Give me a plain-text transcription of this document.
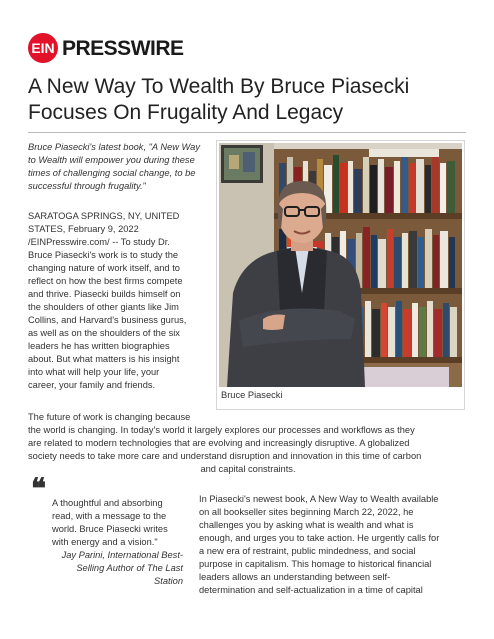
EIN PRESSWIRE
A New Way To Wealth By Bruce Piasecki
Focuses On Frugality And Legacy

Bruce Piasecki's latest book, "A New Way
to Wealth will empower you during these
times of challenging social change, to be
successful through frugality."

SARATOGA SPRINGS, NY, UNITED
STATES, February 9, 2022
/EINPresswire.com/ -- To study Dr.
Bruce Piasecki's work is to study the
changing nature of work itself, and to
reflect on how the best firms compete
and thrive. Piasecki builds himself on
the shoulders of other giants like Jim
Collins, and Harvard's business gurus,
as well as on the shoulders of the six
leaders he has written biographies
about. But what matters is his insight
into what will help your life, your
career, your family and friends.

Bruce Piasecki

The future of work is changing because
the world is changing. In today's world it largely explores our processes and workflows as they
are related to modern technologies that are evolving and increasingly disruptive. A globalized
society needs to take more care and understand disruption and innovation in this time of carbon
and capital constraints.

❝ A thoughtful and absorbing
read, with a message to the
world. Bruce Piasecki writes
with energy and a vision."

Jay Parini, International Best-
Selling Author of The Last
Station

In Piasecki's newest book, A New Way to Wealth available
on all bookseller sites beginning March 22, 2022, he
challenges you by asking what is wealth and what is
enough, and urges you to take action. He urgently calls for
a new era of restraint, public mindedness, and social
purpose in capitalism. This homage to historical financial
leaders allows an understanding between self-
determination and self-actualization in a time of capital
